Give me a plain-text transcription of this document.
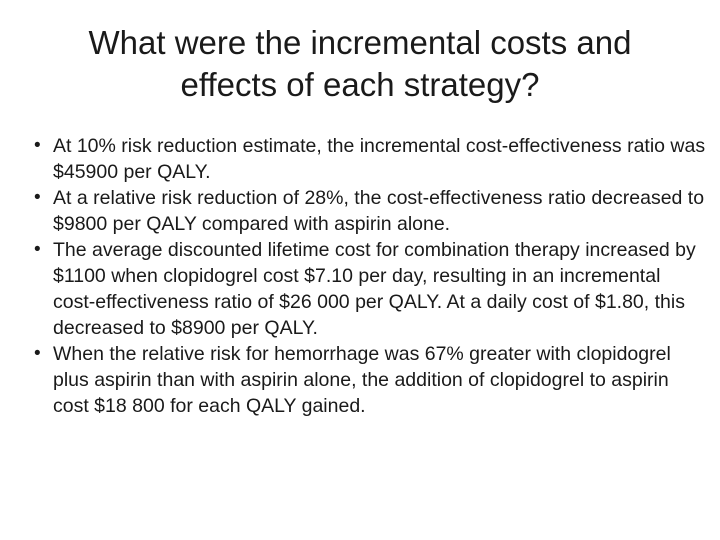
What were the incremental costs and
effects of each strategy?
• At 10% risk reduction estimate, the incremental cost-effectiveness ratio was $45900 per QALY.
• At a relative risk reduction of 28%, the cost-effectiveness ratio decreased to $9800 per QALY compared with aspirin alone.
• The average discounted lifetime cost for combination therapy increased by $1100 when clopidogrel cost $7.10 per day, resulting in an incremental cost-effectiveness ratio of $26 000 per QALY. At a daily cost of $1.80, this decreased to $8900 per QALY.
• When the relative risk for hemorrhage was 67% greater with clopidogrel plus aspirin than with aspirin alone, the addition of clopidogrel to aspirin cost $18 800 for each QALY gained.
